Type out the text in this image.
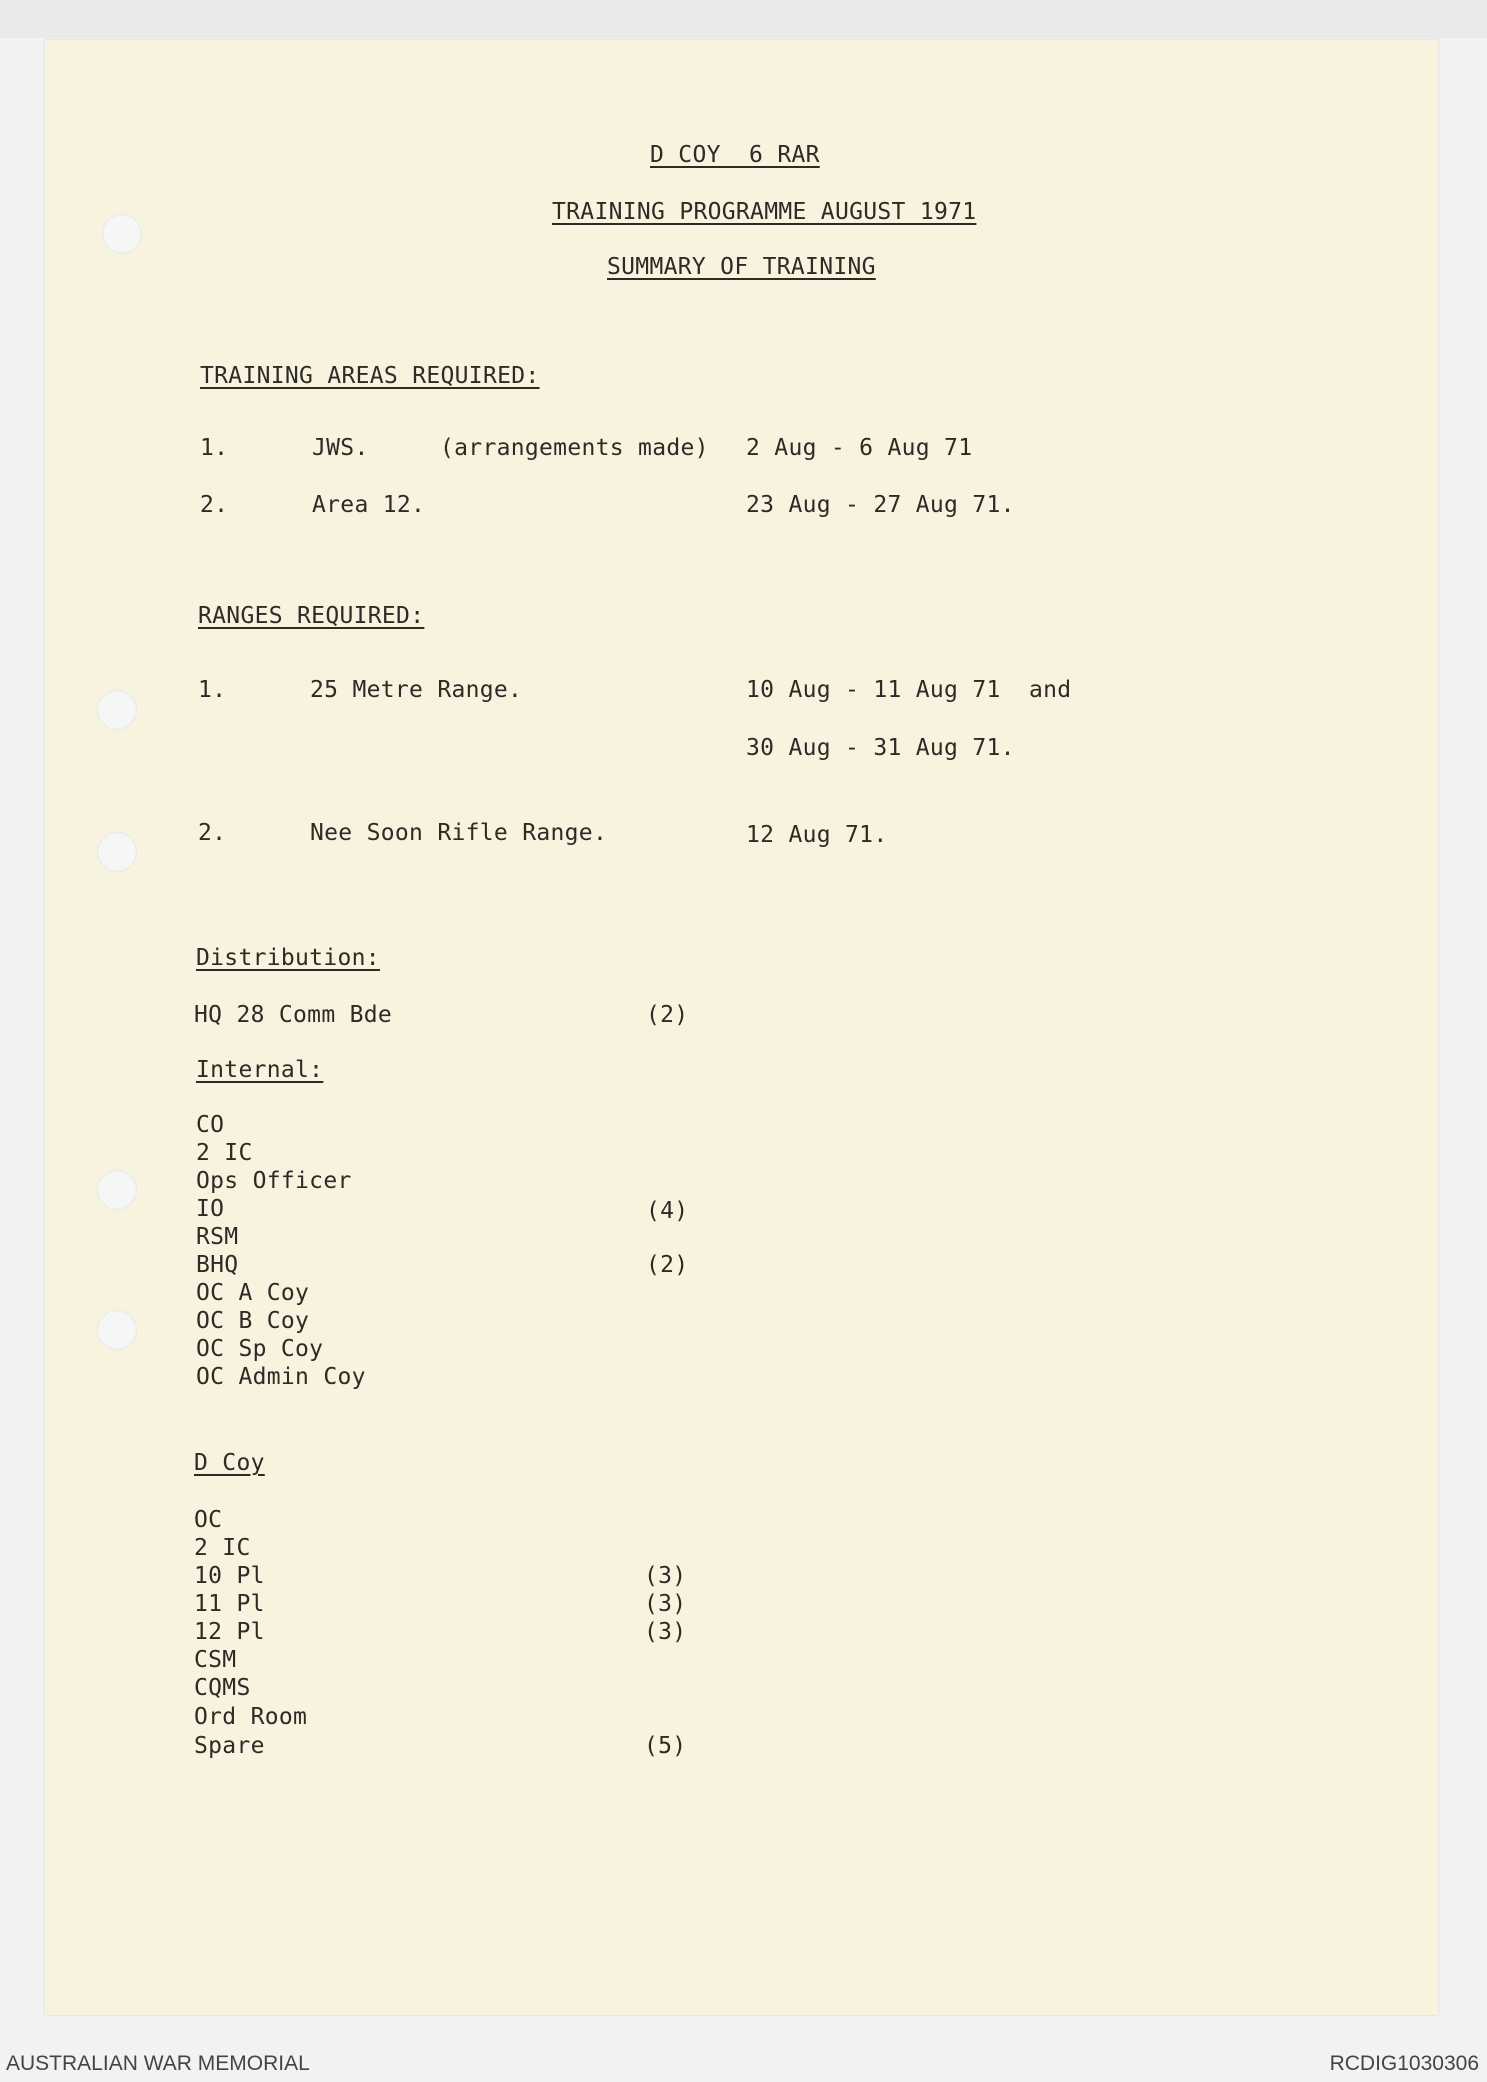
D COY  6 RAR
TRAINING PROGRAMME AUGUST 1971
SUMMARY OF TRAINING
TRAINING AREAS REQUIRED:
1.	JWS.	(arrangements made) 2 Aug - 6 Aug 71
2.	Area 12.	23 Aug - 27 Aug 71.
RANGES REQUIRED:
1.	25 Metre Range.	10 Aug - 11 Aug 71  and
30 Aug - 31 Aug 71.
2.	Nee Soon Rifle Range.	12 Aug 71.
Distribution:
HQ 28 Comm Bde	(2)
Internal:
CO
2 IC
Ops Officer
IO	(4)
RSM
BHQ	(2)
OC A Coy
OC B Coy
OC Sp Coy
OC Admin Coy
D Coy
OC
2 IC
10 Pl	(3)
11 Pl	(3)
12 Pl	(3)
CSM
CQMS
Ord Room
Spare	(5)
AUSTRALIAN WAR MEMORIAL	RCDIG1030306
